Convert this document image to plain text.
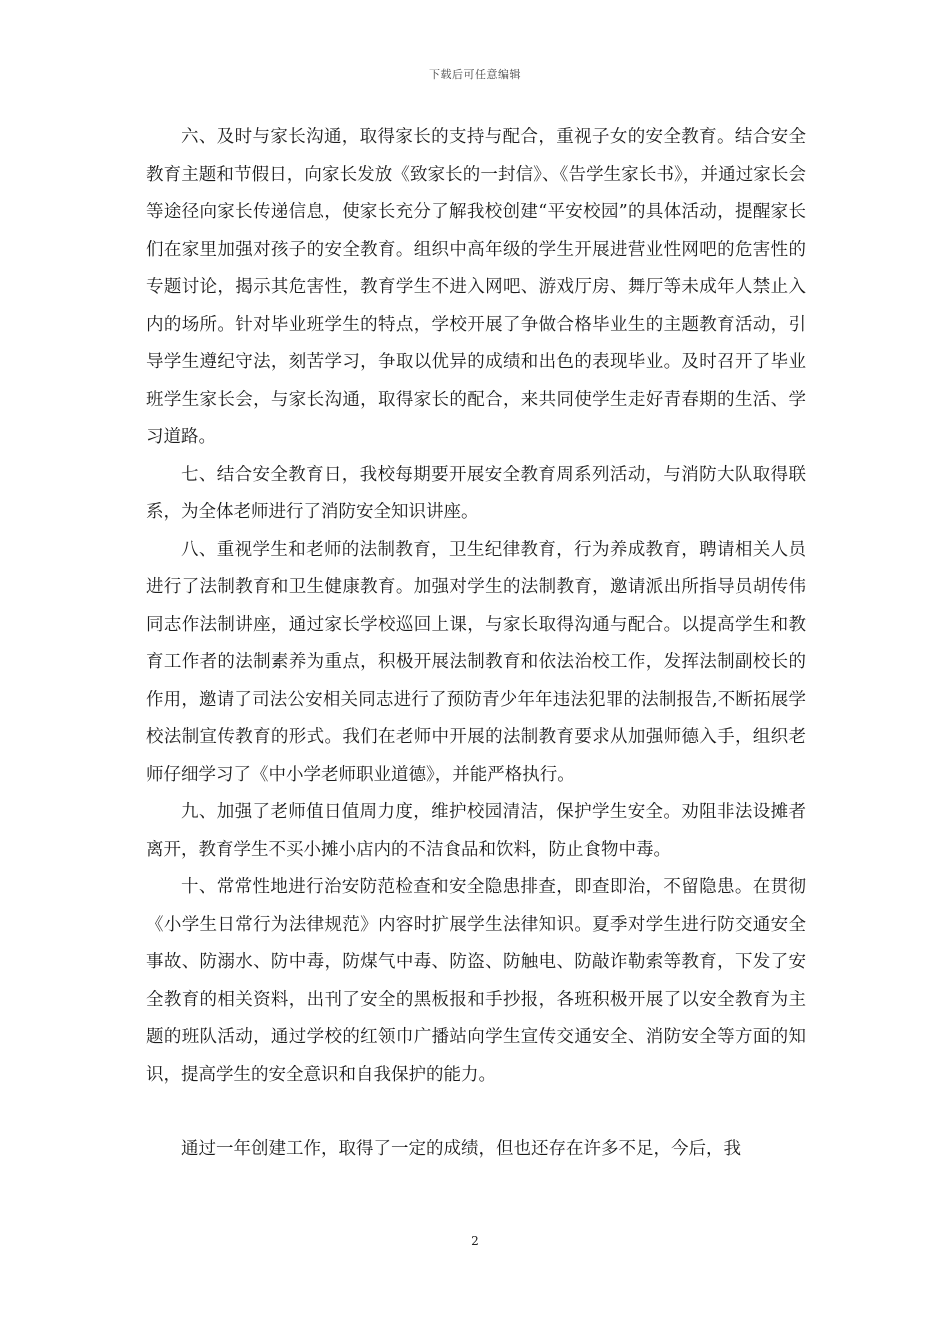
下载后可任意编辑

六、及时与家长沟通，取得家长的支持与配合，重视子女的安全教育。结合安全教育主题和节假日，向家长发放《致家长的一封信》、《告学生家长书》，并通过家长会等途径向家长传递信息，使家长充分了解我校创建“平安校园”的具体活动，提醒家长们在家里加强对孩子的安全教育。组织中高年级的学生开展进营业性网吧的危害性的专题讨论，揭示其危害性，教育学生不进入网吧、游戏厅房、舞厅等未成年人禁止入内的场所。针对毕业班学生的特点，学校开展了争做合格毕业生的主题教育活动，引导学生遵纪守法，刻苦学习，争取以优异的成绩和出色的表现毕业。及时召开了毕业班学生家长会，与家长沟通，取得家长的配合，来共同使学生走好青春期的生活、学习道路。

七、结合安全教育日，我校每期要开展安全教育周系列活动，与消防大队取得联系，为全体老师进行了消防安全知识讲座。

八、重视学生和老师的法制教育，卫生纪律教育，行为养成教育，聘请相关人员进行了法制教育和卫生健康教育。加强对学生的法制教育，邀请派出所指导员胡传伟同志作法制讲座，通过家长学校巡回上课，与家长取得沟通与配合。以提高学生和教育工作者的法制素养为重点，积极开展法制教育和依法治校工作，发挥法制副校长的作用，邀请了司法公安相关同志进行了预防青少年年违法犯罪的法制报告,不断拓展学校法制宣传教育的形式。我们在老师中开展的法制教育要求从加强师德入手，组织老师仔细学习了《中小学老师职业道德》，并能严格执行。

九、加强了老师值日值周力度，维护校园清洁，保护学生安全。劝阻非法设摊者离开，教育学生不买小摊小店内的不洁食品和饮料，防止食物中毒。

十、常常性地进行治安防范检查和安全隐患排查，即查即治，不留隐患。在贯彻《小学生日常行为法律规范》内容时扩展学生法律知识。夏季对学生进行防交通安全事故、防溺水、防中毒，防煤气中毒、防盗、防触电、防敲诈勒索等教育，下发了安全教育的相关资料，出刊了安全的黑板报和手抄报，各班积极开展了以安全教育为主题的班队活动，通过学校的红领巾广播站向学生宣传交通安全、消防安全等方面的知识，提高学生的安全意识和自我保护的能力。

通过一年创建工作，取得了一定的成绩，但也还存在许多不足，今后，我

2
